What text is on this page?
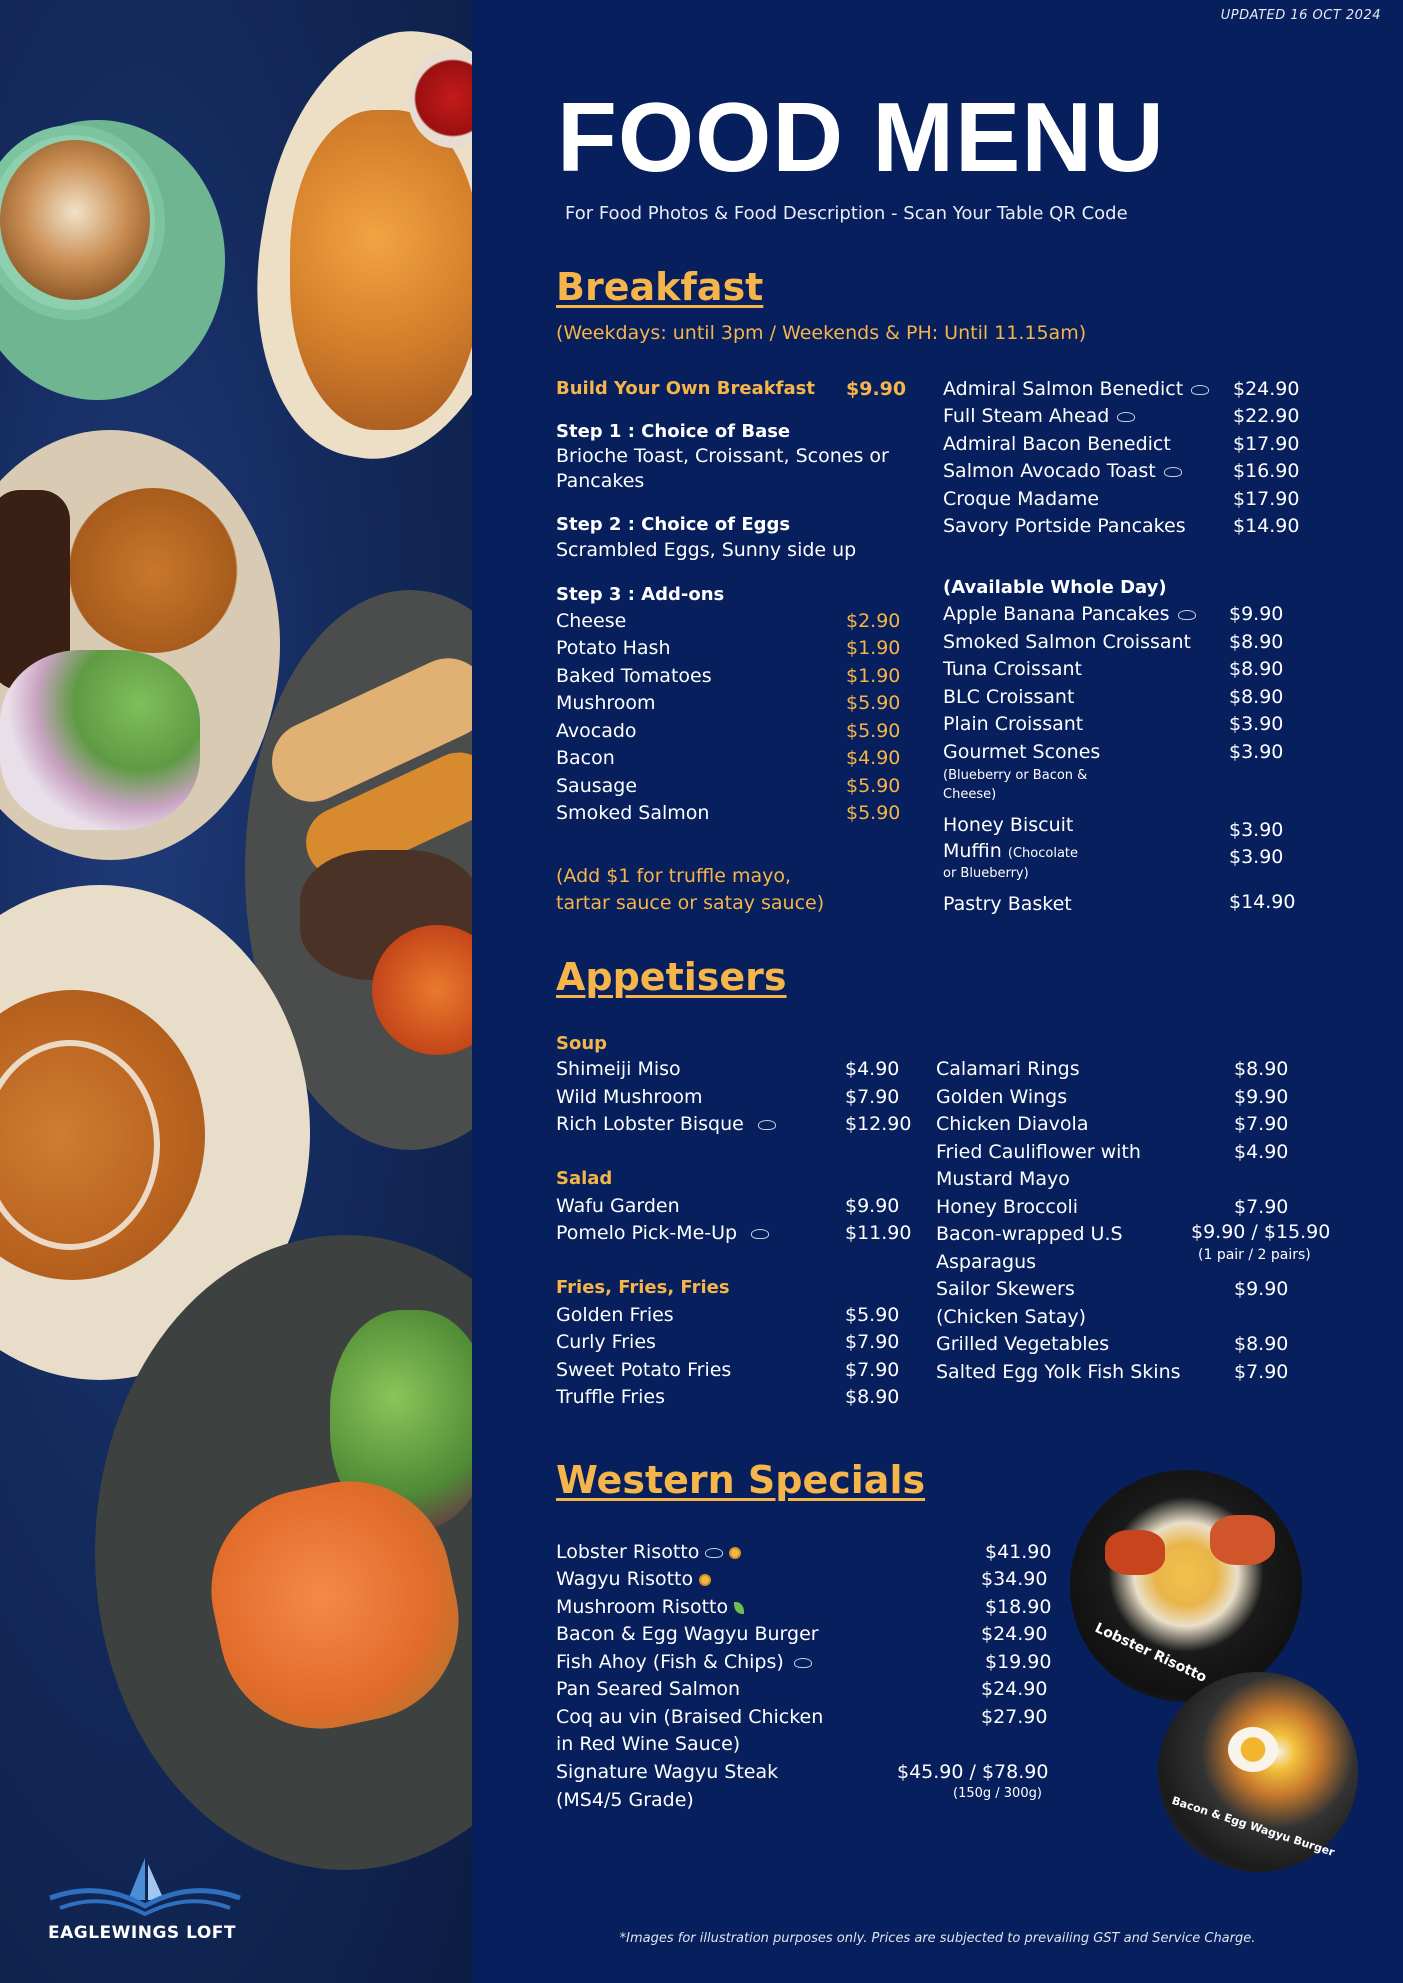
EAGLEWINGS LOFT
UPDATED 16 OCT 2024
FOOD MENU
For Food Photos & Food Description - Scan Your Table QR Code
Breakfast
(Weekdays: until 3pm / Weekends & PH: Until 11.15am)
Build Your Own Breakfast $9.90
Step 1 : Choice of Base
Brioche Toast, Croissant, Scones or
Pancakes
Step 2 : Choice of Eggs
Scrambled Eggs, Sunny side up
Step 3 : Add-ons
Cheese	$2.90
Potato Hash	$1.90
Baked Tomatoes	$1.90
Mushroom	$5.90
Avocado	$5.90
Bacon	$4.90
Sausage	$5.90
Smoked Salmon	$5.90
(Add $1 for truffle mayo,
tartar sauce or satay sauce)
Admiral Salmon Benedict	$24.90
Full Steam Ahead	$22.90
Admiral Bacon Benedict	$17.90
Salmon Avocado Toast	$16.90
Croque Madame	$17.90
Savory Portside Pancakes $14.90
(Available Whole Day)
Apple Banana Pancakes	$9.90
Smoked Salmon Croissant $8.90
Tuna Croissant	$8.90
BLC Croissant	$8.90
Plain Croissant	$3.90
Gourmet Scones	$3.90
(Blueberry or Bacon &
Cheese)
Honey Biscuit	$3.90
Muffin (Chocolate	$3.90
or Blueberry)
Pastry Basket	$14.90
Appetisers
Soup
Shimeiji Miso	$4.90
Wild Mushroom	$7.90
Rich Lobster Bisque	$12.90
Salad
Wafu Garden	$9.90
Pomelo Pick-Me-Up	$11.90
Fries, Fries, Fries
Golden Fries	$5.90
Curly Fries	$7.90
Sweet Potato Fries	$7.90
Truffle Fries	$8.90
Calamari Rings	$8.90
Golden Wings	$9.90
Chicken Diavola	$7.90
Fried Cauliflower with
Mustard Mayo
$4.90
Honey Broccoli	$7.90
Bacon-wrapped U.S
Asparagus
$9.90 / $15.90
(1 pair / 2 pairs)
Sailor Skewers
(Chicken Satay)
$9.90
Grilled Vegetables	$8.90
Salted Egg Yolk Fish Skins	$7.90
Western Specials
Lobster Risotto	$41.90
Wagyu Risotto	$34.90
Mushroom Risotto	$18.90
Bacon & Egg Wagyu Burger	$24.90
Fish Ahoy (Fish & Chips)	$19.90
Pan Seared Salmon	$24.90
Coq au vin (Braised Chicken
in Red Wine Sauce)
$27.90
Signature Wagyu Steak
(MS4/5 Grade)
$45.90 / $78.90
(150g / 300g)
Lobster Risotto
Bacon & Egg Wagyu Burger
*Images for illustration purposes only. Prices are subjected to prevailing GST and Service Charge.
